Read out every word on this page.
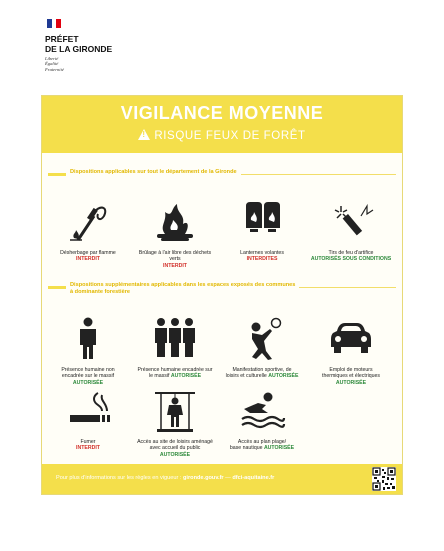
PRÉFET
DE LA GIRONDE
Liberté
Égalité
Fraternité
VIGILANCE MOYENNE
!RISQUE FEUX DE FORÊT
Dispositions applicables sur tout le département de la Gironde
Désherbage par flamme
INTERDIT
Brûlage à l'air libre des déchets verts
INTERDIT
Lanternes volantes
INTERDITES
Tirs de feu d'artifice
AUTORISÉS SOUS CONDITIONS
Dispositions supplémentaires applicables dans les espaces exposés des communes
à dominante forestière
Présence humaine non
encadrée sur le massif
AUTORISÉE
Présence humaine encadrée sur
le massif AUTORISÉE
Manifestation sportive, de
loisirs et culturelle AUTORISÉE
Emploi de moteurs
thermiques et électriques
AUTORISÉE
Fumer
INTERDIT
Accès au site de loisirs aménagé
avec accueil du public
AUTORISÉE
Accès au plan plage/
base nautique AUTORISÉE
Pour plus d'informations sur les règles en vigueur : gironde.gouv.fr — dfci-aquitaine.fr
